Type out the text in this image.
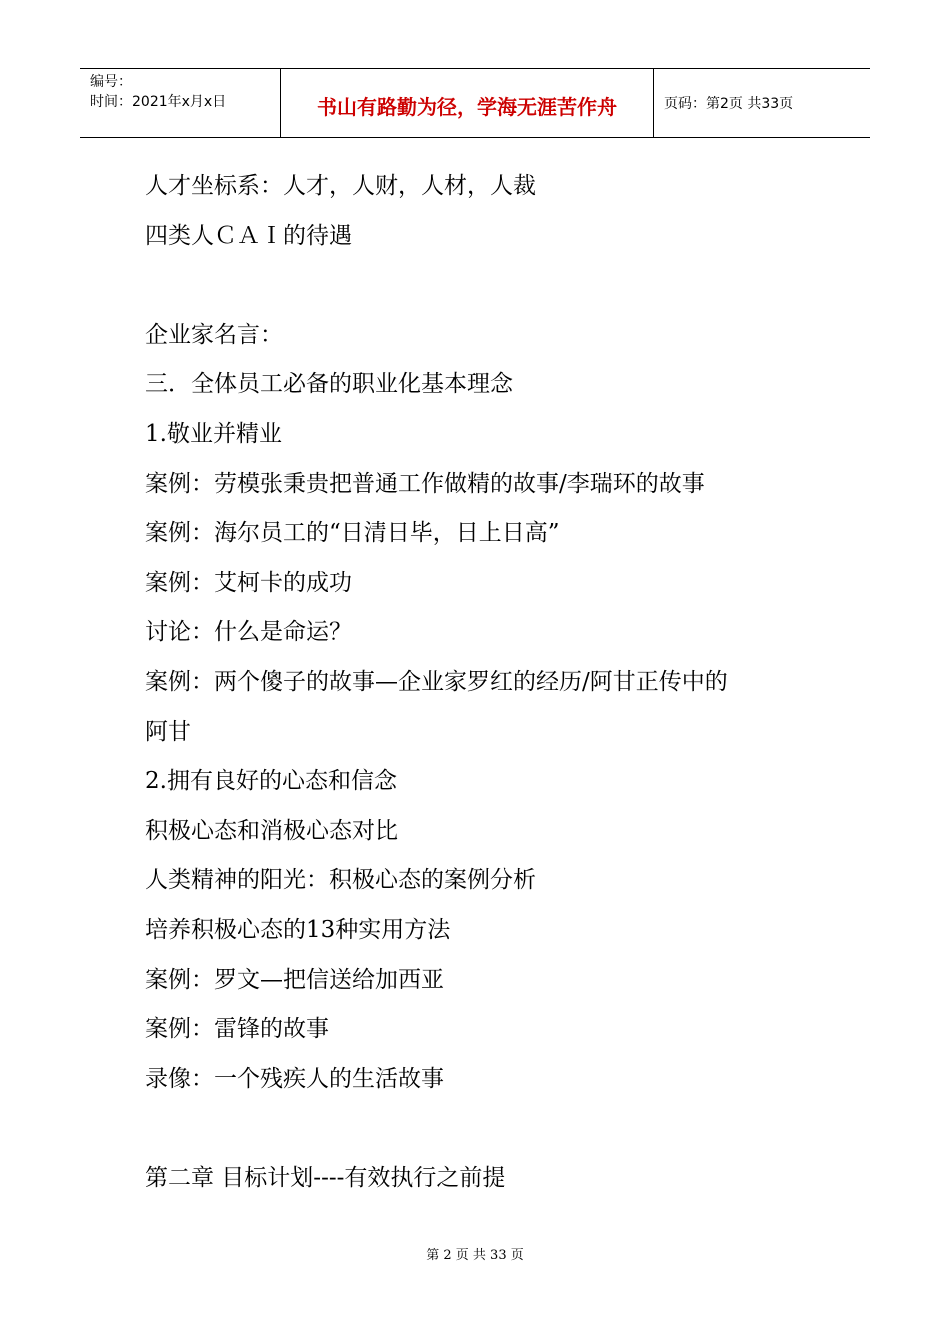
编号：
时间：2021年x月x日	书山有路勤为径，学海无涯苦作舟	页码：第2页 共33页
人才坐标系：人才，人财，人材，人裁
四类人ＣＡＩ的待遇
企业家名言：
三．全体员工必备的职业化基本理念
1.敬业并精业
案例：劳模张秉贵把普通工作做精的故事/李瑞环的故事
案例：海尔员工的“日清日毕，日上日高”
案例：艾柯卡的成功
讨论：什么是命运？
案例：两个傻子的故事—企业家罗红的经历/阿甘正传中的
阿甘
2.拥有良好的心态和信念
积极心态和消极心态对比
人类精神的阳光：积极心态的案例分析
培养积极心态的13种实用方法
案例：罗文—把信送给加西亚
案例：雷锋的故事
录像：一个残疾人的生活故事
第二章 目标计划----有效执行之前提
第 2 页 共 33 页
